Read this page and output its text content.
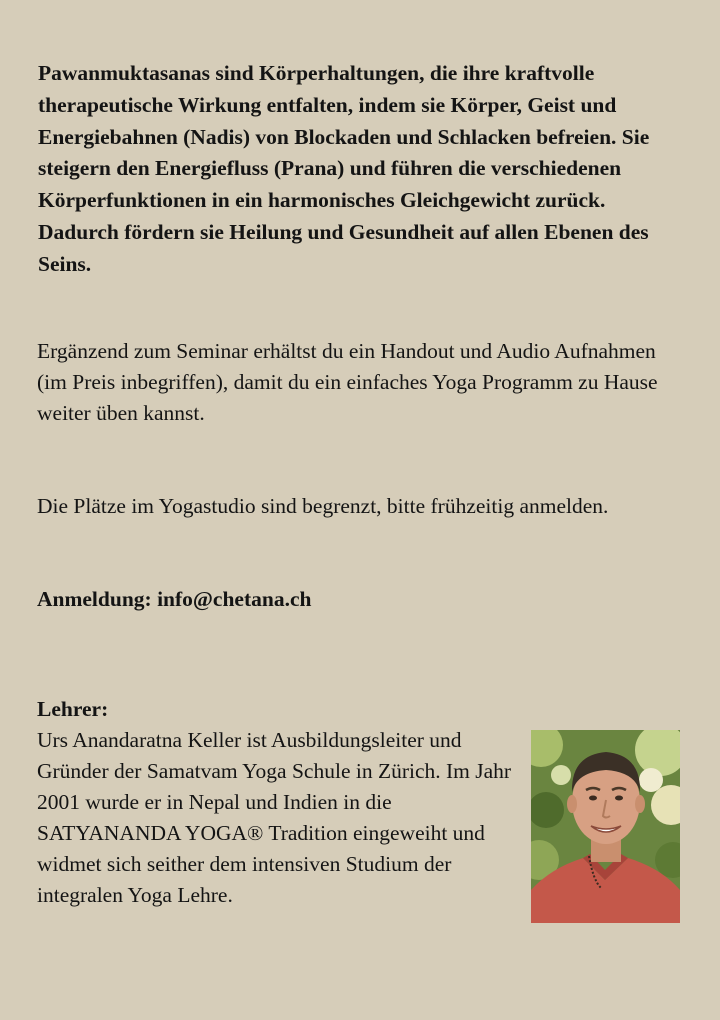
Pawanmuktasanas sind Körperhaltungen, die ihre kraftvolle therapeutische Wirkung entfalten, indem sie Körper, Geist und Energiebahnen (Nadis) von Blockaden und Schlacken befreien. Sie steigern den Energiefluss (Prana) und führen die verschiedenen Körperfunktionen in ein harmonisches Gleichgewicht zurück. Dadurch fördern sie Heilung und Gesundheit auf allen Ebenen des Seins.

Ergänzend zum Seminar erhältst du ein Handout und Audio Aufnahmen (im Preis inbegriffen), damit du ein einfaches Yoga Programm zu Hause weiter üben kannst.

Die Plätze im Yogastudio sind begrenzt, bitte frühzeitig anmelden.

Anmeldung: info@chetana.ch

Lehrer:

Urs Anandaratna Keller ist Ausbildungsleiter und Gründer der Samatvam Yoga Schule in Zürich. Im Jahr 2001 wurde er in Nepal und Indien in die SATYANANDA YOGA® Tradition eingeweiht und widmet sich seither dem intensiven Studium der integralen Yoga Lehre.
